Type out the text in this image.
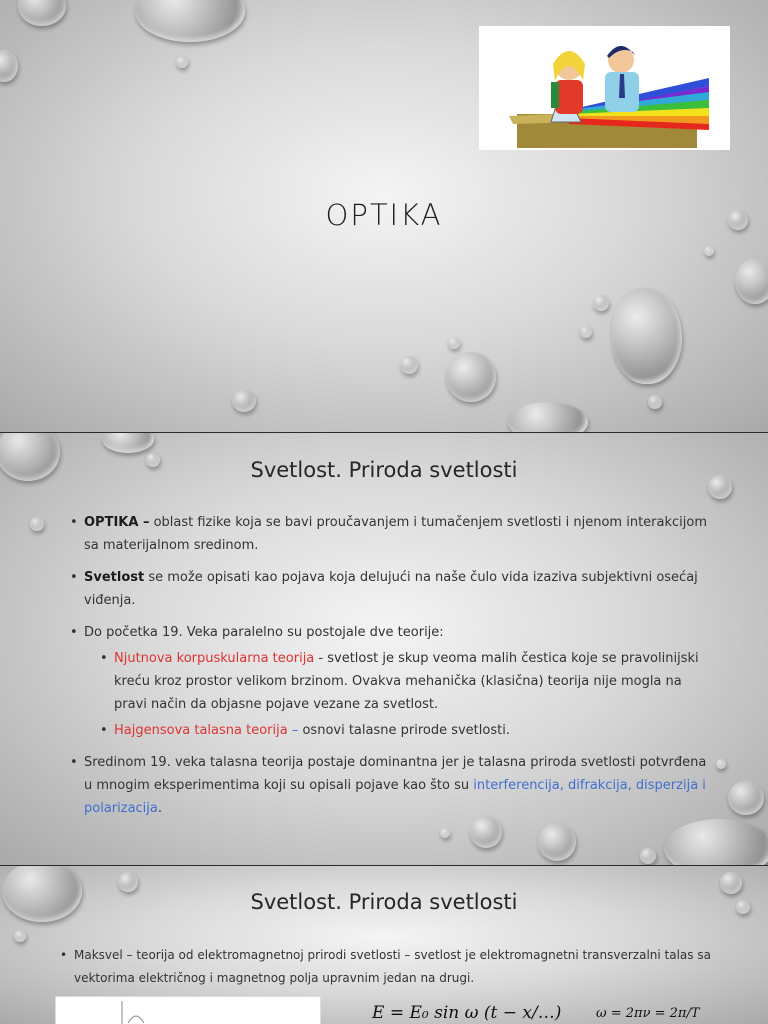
OPTIKA
Svetlost. Priroda svetlosti
• OPTIKA – oblast fizike koja se bavi proučavanjem i tumačenjem svetlosti i njenom interakcijom sa materijalnom sredinom.
• Svetlost se može opisati kao pojava koja delujući na naše čulo vida izaziva subjektivni osećaj viđenja.
• Do početka 19. Veka paralelno su postojale dve teorije:
• Njutnova korpuskularna teorija - svetlost je skup veoma malih čestica koje se pravolinijski kreću kroz prostor velikom brzinom. Ovakva mehanička (klasična) teorija nije mogla na pravi način da objasne pojave vezane za svetlost.
• Hajgensova talasna teorija – osnovi talasne prirode svetlosti.
• Sredinom 19. veka talasna teorija postaje dominantna jer je talasna priroda svetlosti potvrđena u mnogim eksperimentima koji su opisali pojave kao što su interferencija, difrakcija, disperzija i polarizacija.
Svetlost. Priroda svetlosti
• Maksvel – teorija od elektromagnetnoj prirodi svetlosti – svetlost je elektromagnetni transverzalni talas sa vektorima električnog i magnetnog polja upravnim jedan na drugi.
E = E₀ sin ω (t − x/…)	ω = 2πν = 2π/T
